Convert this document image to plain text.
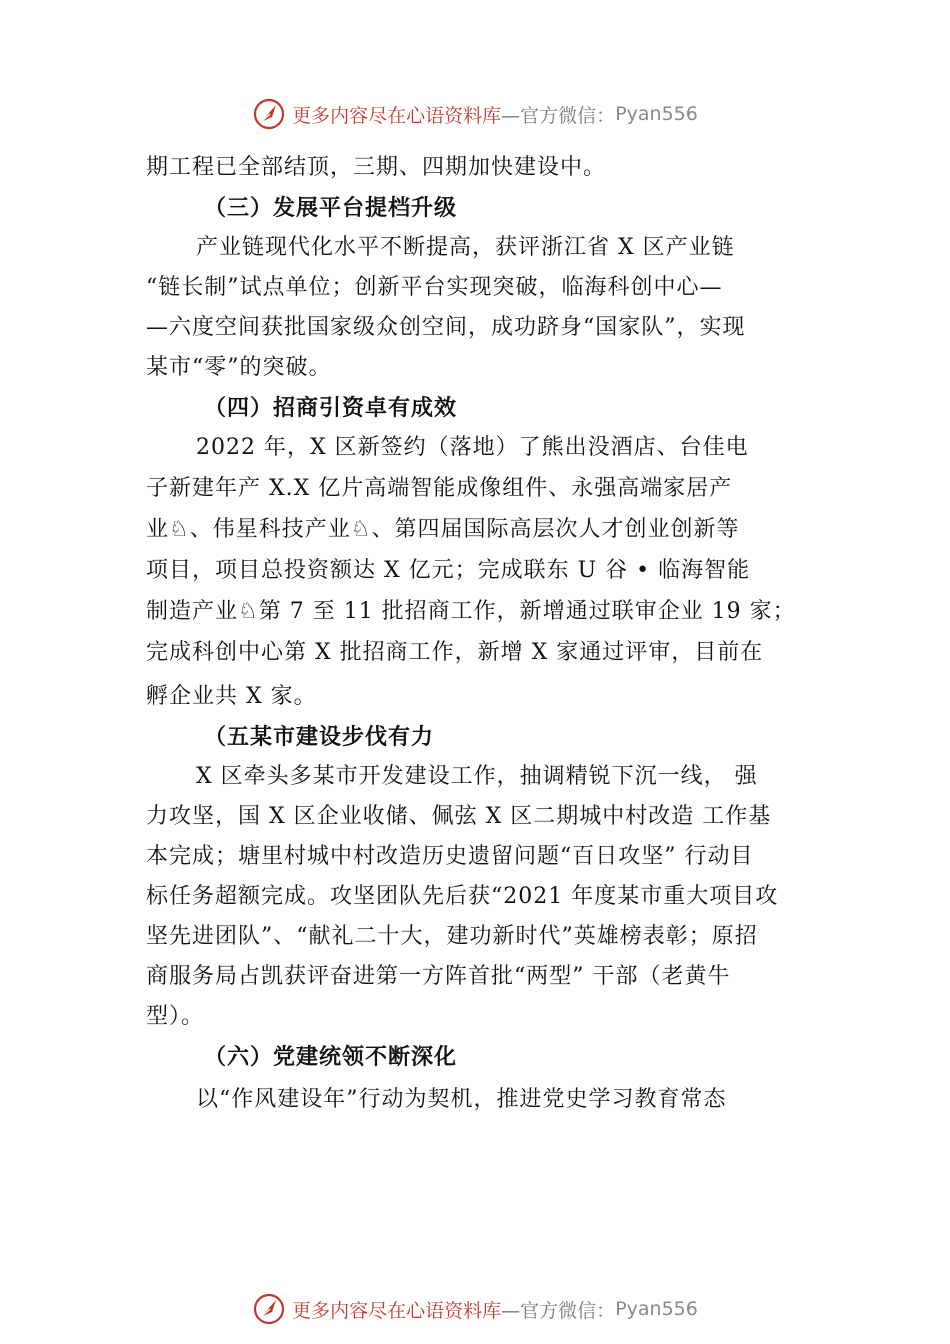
更多内容尽在心语资料库 —官方微信： Pyan556
期工程已全部结顶，三期、四期加快建设中。
（三）发展平台提档升级
产业链现代化水平不断提高，获评浙江省 X 区产业链
“链长制”试点单位；创新平台实现突破，临海科创中心—
—六度空间获批国家级众创空间，成功跻身“国家队”，实现
某市“零”的突破。
（四）招商引资卓有成效
2022 年，X 区新签约（落地）了熊出没酒店、台佳电
子新建年产 X.X 亿片高端智能成像组件、永强高端家居产
业♘、伟星科技产业♘、第四届国际高层次人才创业创新等
项目，项目总投资额达 X 亿元；完成联东 U 谷 • 临海智能
制造产业♘第 7 至 11 批招商工作，新增通过联审企业 19 家；
完成科创中心第 X 批招商工作，新增 X 家通过评审，目前在
孵企业共 X 家。
（五某市建设步伐有力
X 区牵头多某市开发建设工作，抽调精锐下沉一线， 强
力攻坚，国 X 区企业收储、佩弦 X 区二期城中村改造 工作基
本完成；塘里村城中村改造历史遗留问题“百日攻坚” 行动目
标任务超额完成。攻坚团队先后获“2021 年度某市重大项目攻
坚先进团队”、“献礼二十大，建功新时代”英雄榜表彰；原招
商服务局占凯获评奋进第一方阵首批“两型” 干部（老黄牛
型）。
（六）党建统领不断深化
以“作风建设年”行动为契机，推进党史学习教育常态
更多内容尽在心语资料库 —官方微信： Pyan556
